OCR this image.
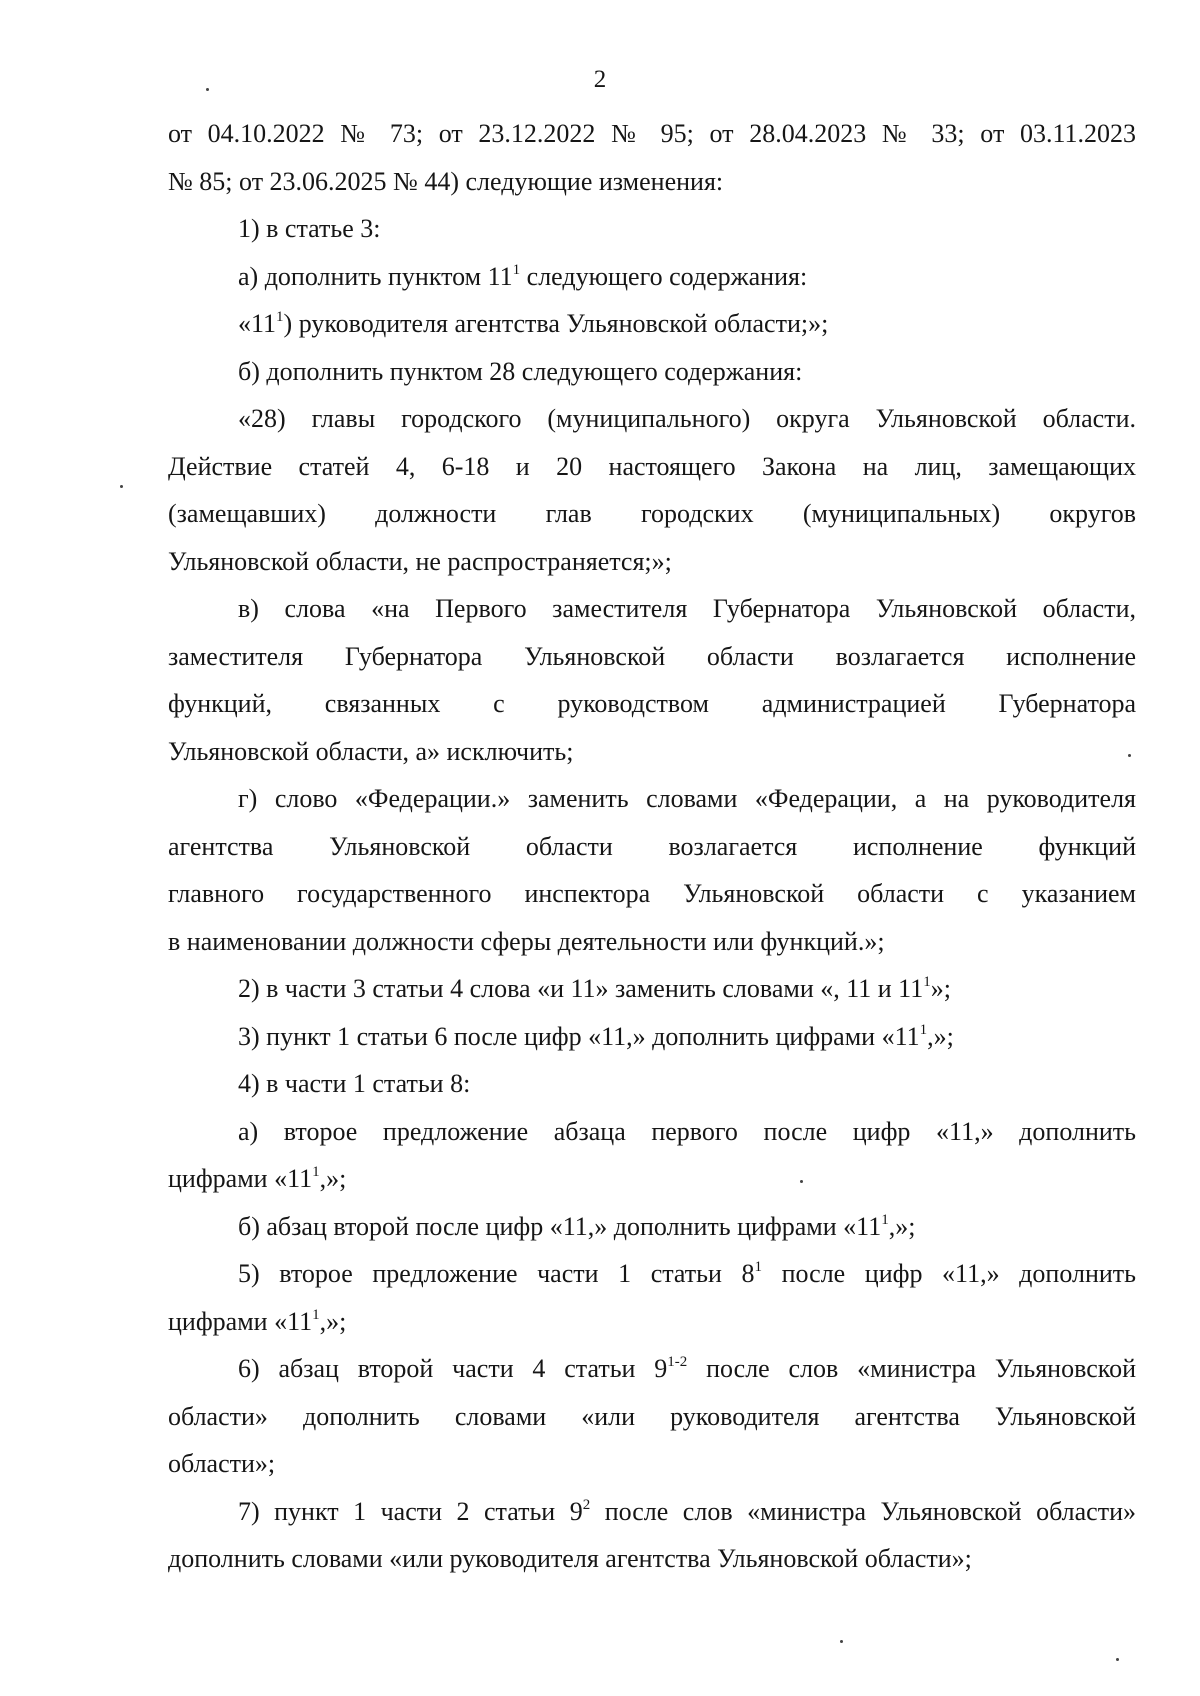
2

от 04.10.2022 № 73; от 23.12.2022 № 95; от 28.04.2023 № 33; от 03.11.2023

№ 85; от 23.06.2025 № 44) следующие изменения:

1) в статье 3:

а) дополнить пунктом $11^1$ следующего содержания:

«$11^1$) руководителя агентства Ульяновской области;»;

б) дополнить пунктом 28 следующего содержания:

«28) главы городского (муниципального) округа Ульяновской области.

Действие статей 4, 6-18 и 20 настоящего Закона на лиц, замещающих

(замещавших) должности глав городских (муниципальных) округов

Ульяновской области, не распространяется;»;

в) слова «на Первого заместителя Губернатора Ульяновской области,

заместителя Губернатора Ульяновской области возлагается исполнение

функций, связанных с руководством администрацией Губернатора

Ульяновской области, а» исключить;

г) слово «Федерации.» заменить словами «Федерации, а на руководителя

агентства Ульяновской области возлагается исполнение функций

главного государственного инспектора Ульяновской области с указанием

в наименовании должности сферы деятельности или функций.»;

2) в части 3 статьи 4 слова «и 11» заменить словами «, 11 и $11^1$»;

3) пункт 1 статьи 6 после цифр «11,» дополнить цифрами «$11^1$,»;

4) в части 1 статьи 8:

а) второе предложение абзаца первого после цифр «11,» дополнить

цифрами «$11^1$,»;

б) абзац второй после цифр «11,» дополнить цифрами «$11^1$,»;

5) второе предложение части 1 статьи $8^1$ после цифр «11,» дополнить

цифрами «$11^1$,»;

6) абзац второй части 4 статьи 9$^{1-2}$ после слов «министра Ульяновской

области» дополнить словами «или руководителя агентства Ульяновской

области»;

7) пункт 1 части 2 статьи $9^2$ после слов «министра Ульяновской области»

дополнить словами «или руководителя агентства Ульяновской области»;
